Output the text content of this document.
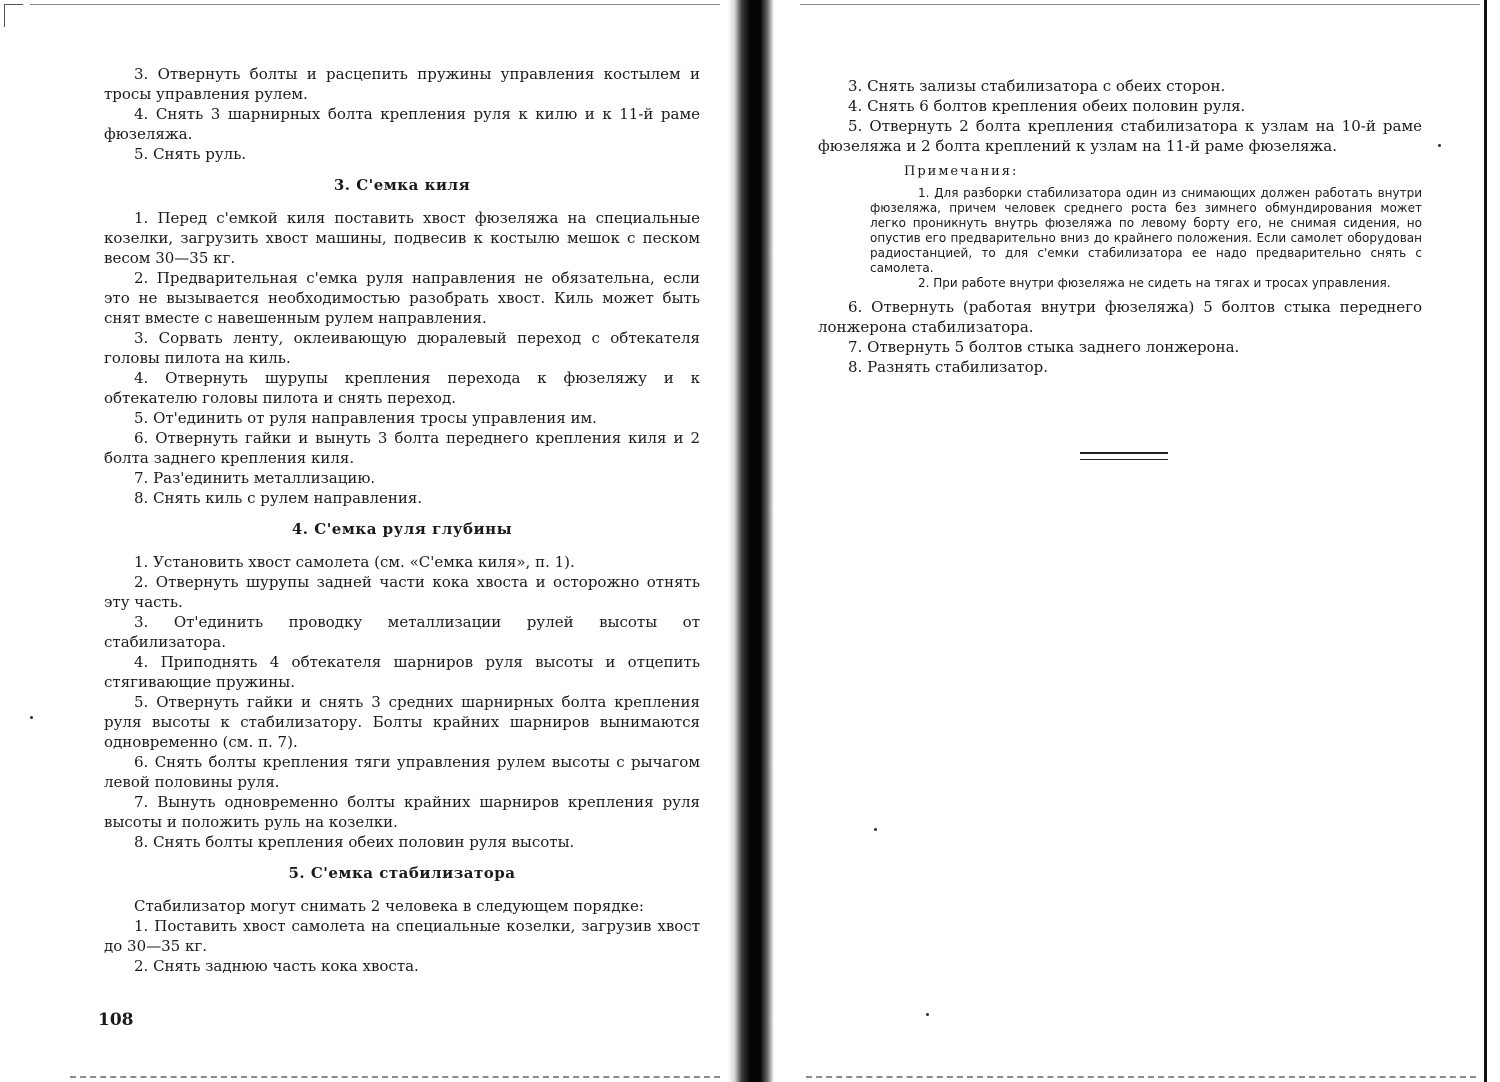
3. Отвернуть болты и расцепить пружины управления костылем и тросы управления рулем.

4. Снять 3 шарнирных болта крепления руля к килю и к 11-й раме фюзеляжа.

5. Снять руль.

3. С'емка киля

1. Перед с'емкой киля поставить хвост фюзеляжа на специальные козелки, загрузить хвост машины, подвесив к костылю мешок с песком весом 30—35 кг.

2. Предварительная с'емка руля направления не обязательна, если это не вызывается необходимостью разобрать хвост. Киль может быть снят вместе с навешенным рулем направления.

3. Сорвать ленту, оклеивающую дюралевый переход с обтекателя головы пилота на киль.

4. Отвернуть шурупы крепления перехода к фюзеляжу и к обтекателю головы пилота и снять переход.

5. От'единить от руля направления тросы управления им.

6. Отвернуть гайки и вынуть 3 болта переднего крепления киля и 2 болта заднего крепления киля.

7. Раз'единить металлизацию.

8. Снять киль с рулем направления.

4. С'емка руля глубины

1. Установить хвост самолета (см. «С'емка киля», п. 1).

2. Отвернуть шурупы задней части кока хвоста и осторожно отнять эту часть.

3. От'единить проводку металлизации рулей высоты от стабилизатора.

4. Приподнять 4 обтекателя шарниров руля высоты и отцепить стягивающие пружины.

5. Отвернуть гайки и снять 3 средних шарнирных болта крепления руля высоты к стабилизатору. Болты крайних шарниров вынимаются одновременно (см. п. 7).

6. Снять болты крепления тяги управления рулем высоты с рычагом левой половины руля.

7. Вынуть одновременно болты крайних шарниров крепления руля высоты и положить руль на козелки.

8. Снять болты крепления обеих половин руля высоты.

5. С'емка стабилизатора

Стабилизатор могут снимать 2 человека в следующем порядке:

1. Поставить хвост самолета на специальные козелки, загрузив хвост до 30—35 кг.

2. Снять заднюю часть кока хвоста.

108

3. Снять зализы стабилизатора с обеих сторон.

4. Снять 6 болтов крепления обеих половин руля.

5. Отвернуть 2 болта крепления стабилизатора к узлам на 10-й раме фюзеляжа и 2 болта креплений к узлам на 11-й раме фюзеляжа.

Примечания:

1. Для разборки стабилизатора один из снимающих должен работать внутри фюзеляжа, причем человек среднего роста без зимнего обмундирования может легко проникнуть внутрь фюзеляжа по левому борту его, не снимая сидения, но опустив его предварительно вниз до крайнего положения. Если самолет оборудован радиостанцией, то для с'емки стабилизатора ее надо предварительно снять с самолета.

2. При работе внутри фюзеляжа не сидеть на тягах и тросах управления.

6. Отвернуть (работая внутри фюзеляжа) 5 болтов стыка переднего лонжерона стабилизатора.

7. Отвернуть 5 болтов стыка заднего лонжерона.

8. Разнять стабилизатор.
